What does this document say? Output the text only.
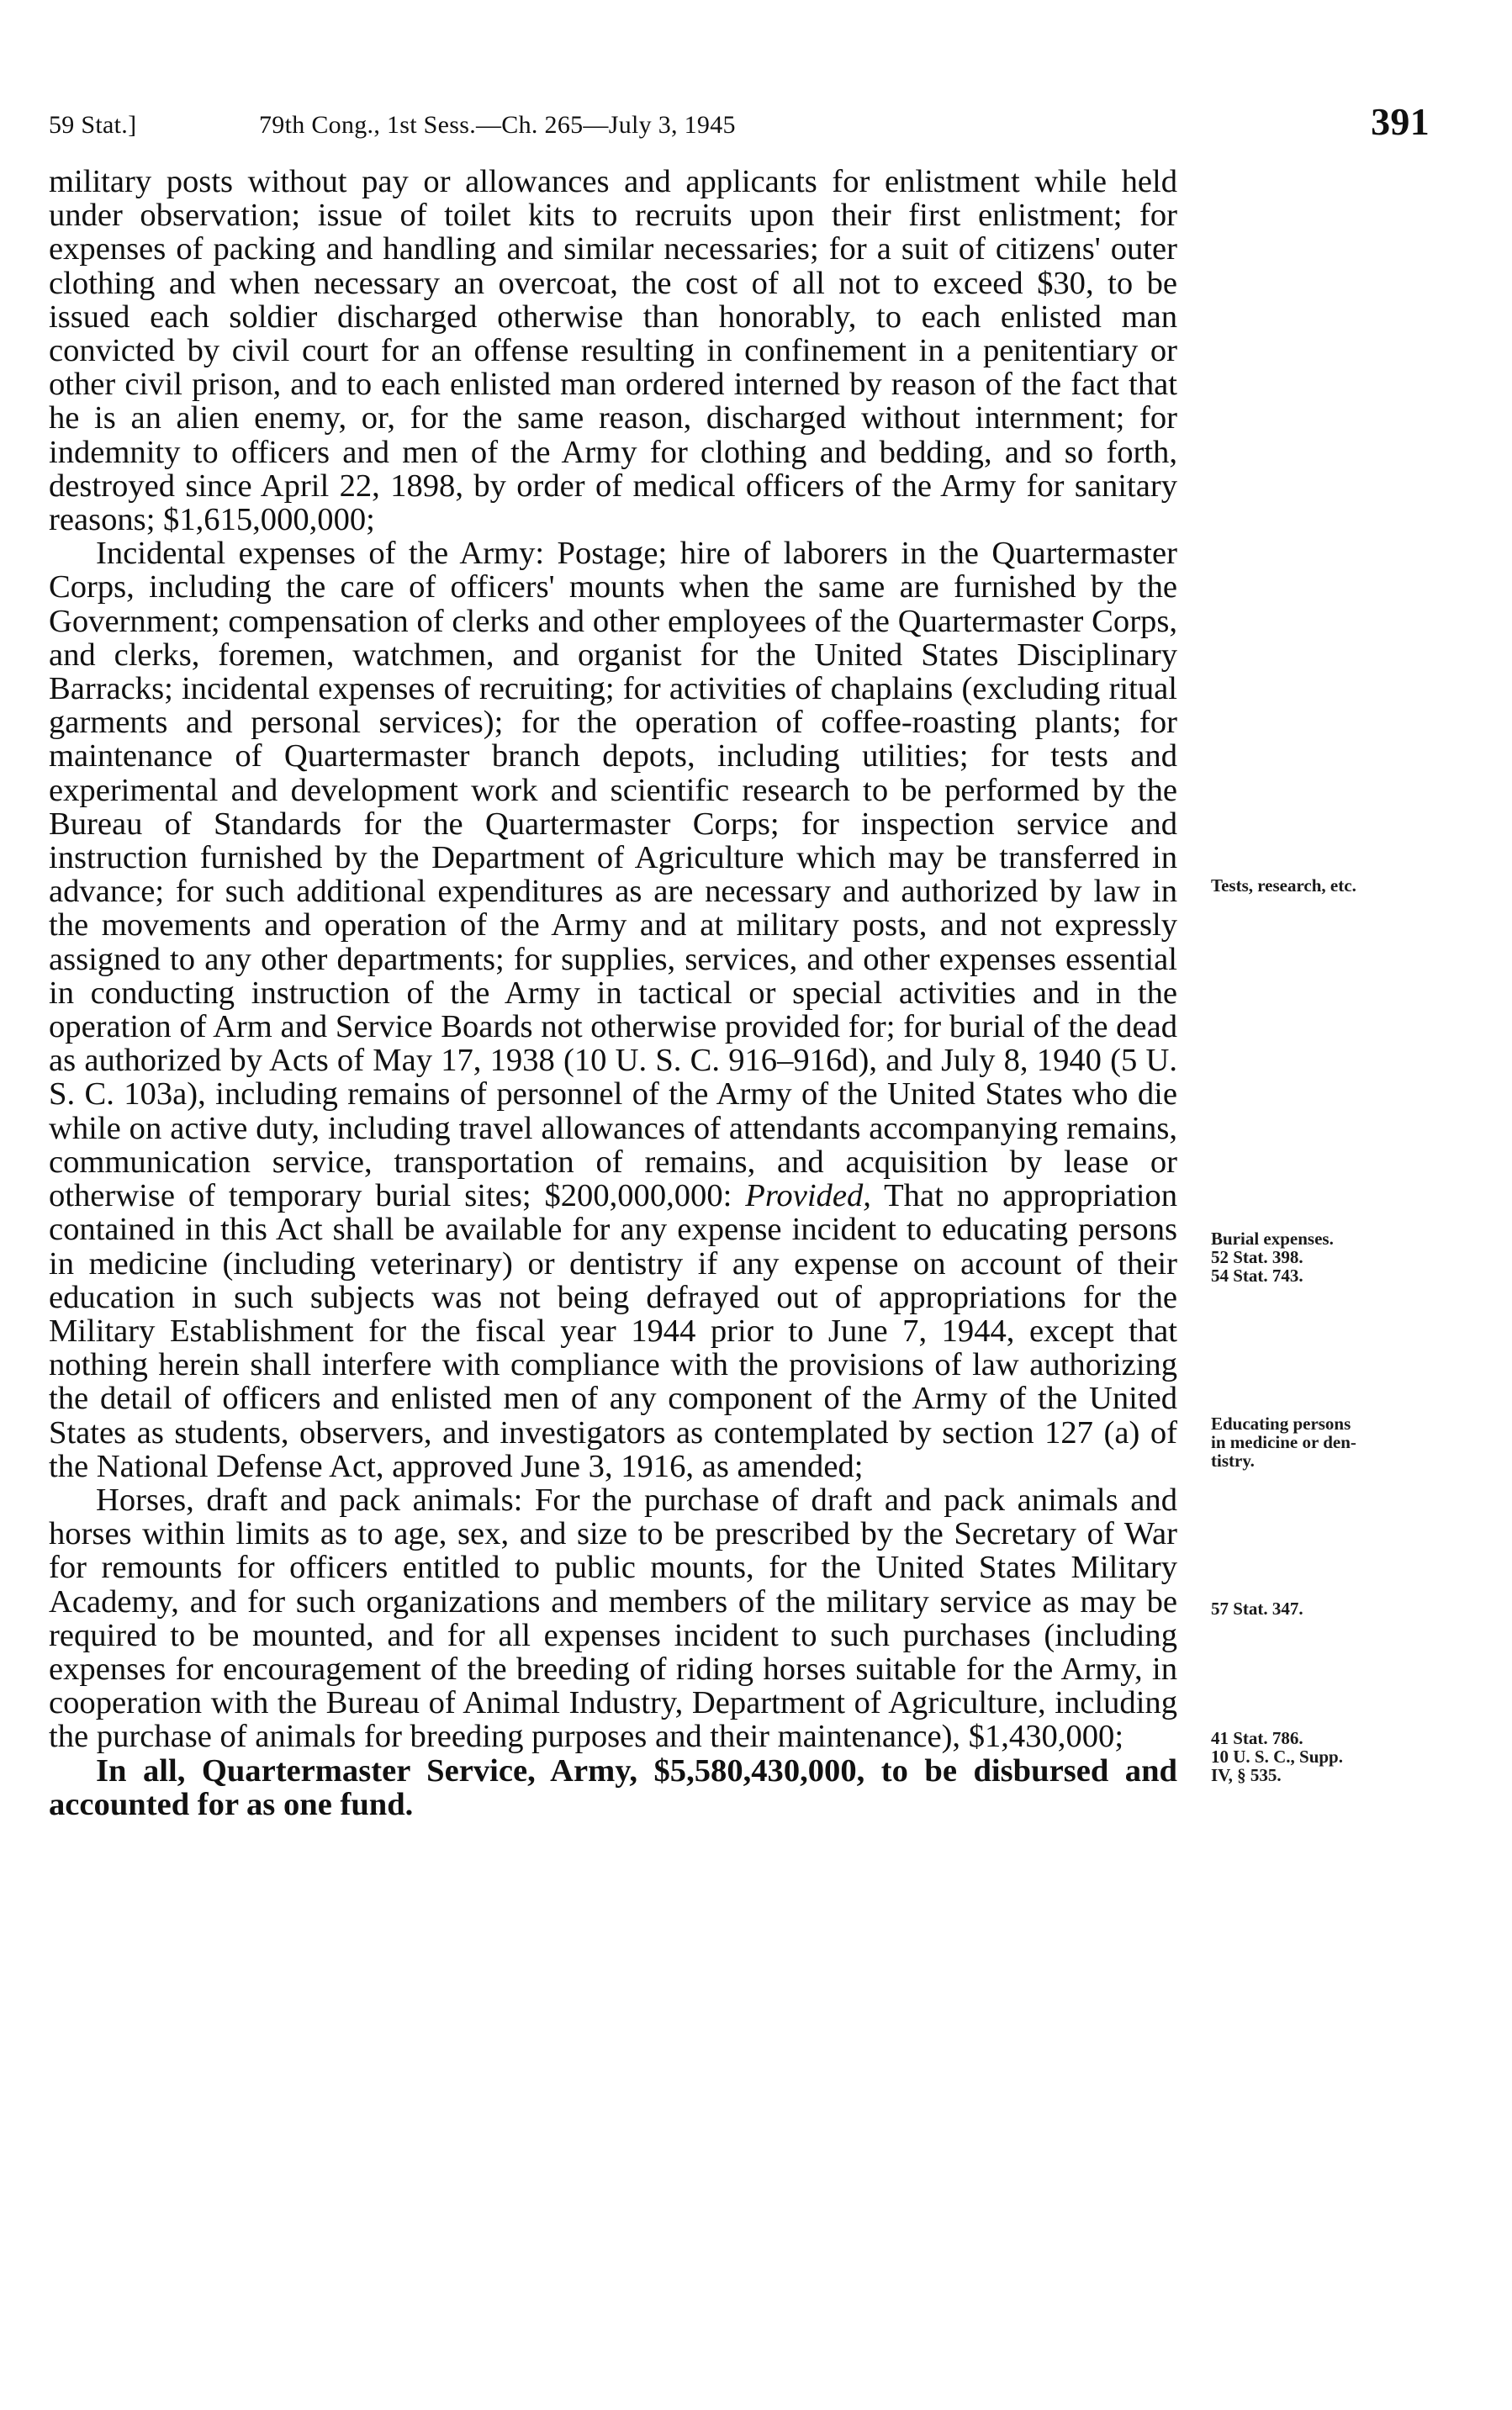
59 Stat.]	79th Cong., 1st Sess.—Ch. 265—July 3, 1945	391

military posts without pay or allowances and applicants for enlistment while held under observation; issue of toilet kits to recruits upon their first enlistment; for expenses of packing and handling and similar necessaries; for a suit of citizens' outer clothing and when necessary an overcoat, the cost of all not to exceed $30, to be issued each soldier discharged otherwise than honorably, to each enlisted man convicted by civil court for an offense resulting in confinement in a penitentiary or other civil prison, and to each enlisted man ordered interned by reason of the fact that he is an alien enemy, or, for the same reason, discharged without internment; for indemnity to officers and men of the Army for clothing and bedding, and so forth, destroyed since April 22, 1898, by order of medical officers of the Army for sanitary reasons; $1,615,000,000;

Incidental expenses of the Army: Postage; hire of laborers in the Quartermaster Corps, including the care of officers' mounts when the same are furnished by the Government; compensation of clerks and other employees of the Quartermaster Corps, and clerks, foremen, watchmen, and organist for the United States Disciplinary Barracks; incidental expenses of recruiting; for activities of chaplains (excluding ritual garments and personal services); for the operation of coffee-roasting plants; for maintenance of Quartermaster branch depots, including utilities; for tests and experimental and development work and scientific research to be performed by the Bureau of Standards for the Quartermaster Corps; for inspection service and instruction furnished by the Department of Agriculture which may be transferred in advance; for such additional expenditures as are necessary and authorized by law in the movements and operation of the Army and at military posts, and not expressly assigned to any other departments; for supplies, services, and other expenses essential in conducting instruction of the Army in tactical or special activities and in the operation of Arm and Service Boards not otherwise provided for; for burial of the dead as authorized by Acts of May 17, 1938 (10 U. S. C. 916–916d), and July 8, 1940 (5 U. S. C. 103a), including remains of personnel of the Army of the United States who die while on active duty, including travel allowances of attendants accompanying remains, communication service, transportation of remains, and acquisition by lease or otherwise of temporary burial sites; $200,000,000: Provided, That no appropriation contained in this Act shall be available for any expense incident to educating persons in medicine (including veterinary) or dentistry if any expense on account of their education in such subjects was not being defrayed out of appropriations for the Military Establishment for the fiscal year 1944 prior to June 7, 1944, except that nothing herein shall interfere with compliance with the provisions of law authorizing the detail of officers and enlisted men of any component of the Army of the United States as students, observers, and investigators as contemplated by section 127 (a) of the National Defense Act, approved June 3, 1916, as amended;

Horses, draft and pack animals: For the purchase of draft and pack animals and horses within limits as to age, sex, and size to be prescribed by the Secretary of War for remounts for officers entitled to public mounts, for the United States Military Academy, and for such organizations and members of the military service as may be required to be mounted, and for all expenses incident to such purchases (including expenses for encouragement of the breeding of riding horses suitable for the Army, in cooperation with the Bureau of Animal Industry, Department of Agriculture, including the purchase of animals for breeding purposes and their maintenance), $1,430,000;

In all, Quartermaster Service, Army, $5,580,430,000, to be disbursed and accounted for as one fund.

Tests, research, etc.
Burial expenses.
52 Stat. 398.
54 Stat. 743.
Educating persons
in medicine or den-
tistry.
57 Stat. 347.
41 Stat. 786.
10 U. S. C., Supp.
IV, § 535.
